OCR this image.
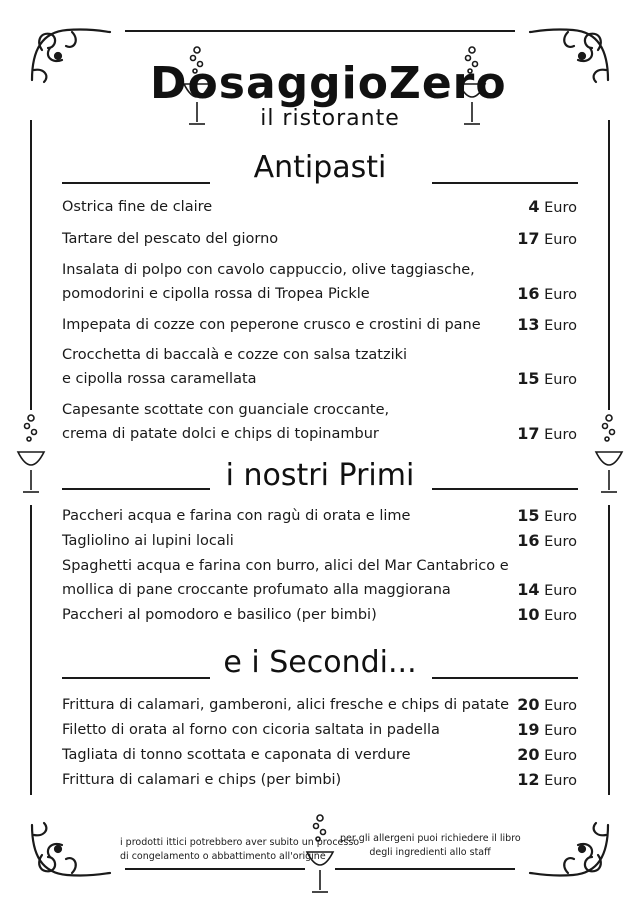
DosaggioZero
il ristorante
Antipasti
Ostrica fine de claire	4 Euro
Tartare del pescato del giorno	17 Euro
Insalata di polpo con cavolo cappuccio, olive taggiasche,
pomodorini e cipolla rossa di Tropea Pickle	16 Euro
Impepata di cozze con peperone crusco e crostini di pane	13 Euro
Crocchetta di baccalà e cozze con salsa tzatziki
e cipolla rossa caramellata	15 Euro
Capesante scottate con guanciale croccante,
crema di patate dolci e chips di topinambur	17 Euro
i nostri Primi
Paccheri acqua e farina con ragù di orata e lime	15 Euro
Tagliolino ai lupini locali	16 Euro
Spaghetti acqua e farina con burro, alici del Mar Cantabrico e
mollica di pane croccante profumato alla maggiorana	14 Euro
Paccheri al pomodoro e basilico (per bimbi)	10 Euro
e i Secondi...
Frittura di calamari, gamberoni, alici fresche e chips di patate 20 Euro
Filetto di orata al forno con cicoria saltata in padella	19 Euro
Tagliata di tonno scottata e caponata di verdure	20 Euro
Frittura di calamari e chips (per bimbi)	12 Euro
i prodotti ittici potrebbero aver subito un processo
di congelamento o abbattimento all'origine
per gli allergeni puoi richiedere il libro
degli ingredienti allo staff
